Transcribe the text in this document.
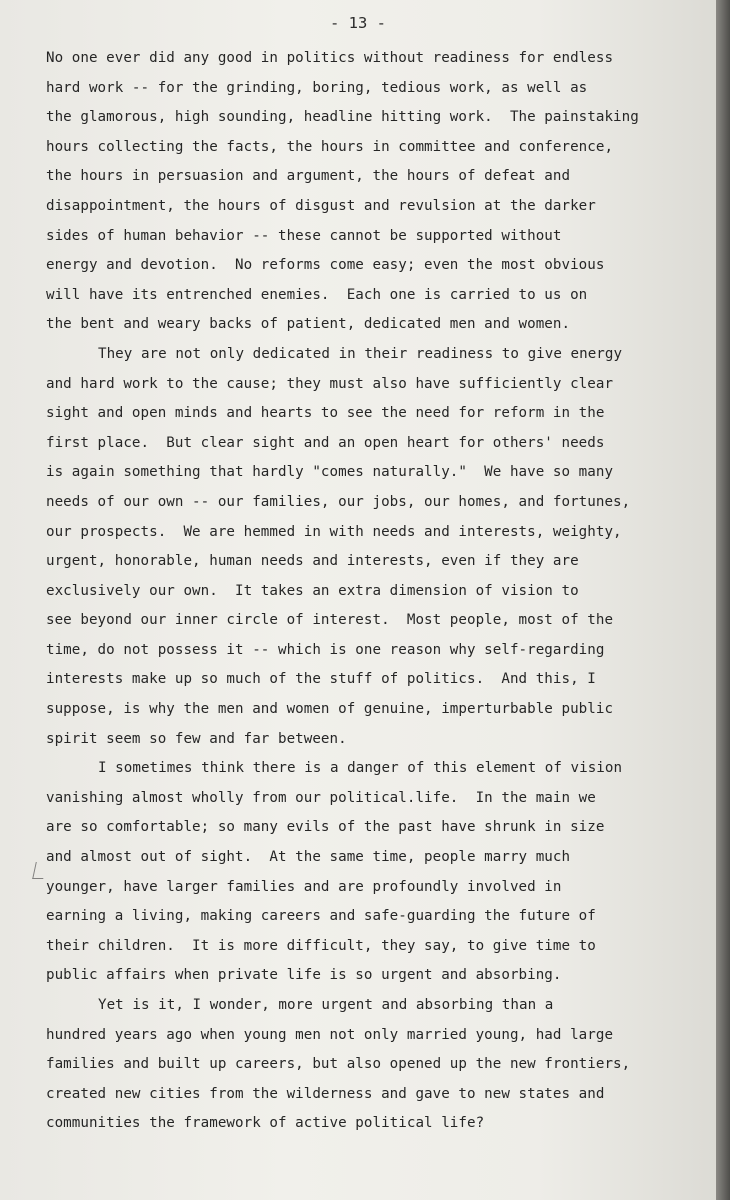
- 13 -
No one ever did any good in politics without readiness for endless
hard work -- for the grinding, boring, tedious work, as well as
the glamorous, high sounding, headline hitting work.  The painstaking
hours collecting the facts, the hours in committee and conference,
the hours in persuasion and argument, the hours of defeat and
disappointment, the hours of disgust and revulsion at the darker
sides of human behavior -- these cannot be supported without
energy and devotion.  No reforms come easy; even the most obvious
will have its entrenched enemies.  Each one is carried to us on
the bent and weary backs of patient, dedicated men and women.
They are not only dedicated in their readiness to give energy
and hard work to the cause; they must also have sufficiently clear
sight and open minds and hearts to see the need for reform in the
first place.  But clear sight and an open heart for others' needs
is again something that hardly "comes naturally."  We have so many
needs of our own -- our families, our jobs, our homes, and fortunes,
our prospects.  We are hemmed in with needs and interests, weighty,
urgent, honorable, human needs and interests, even if they are
exclusively our own.  It takes an extra dimension of vision to
see beyond our inner circle of interest.  Most people, most of the
time, do not possess it -- which is one reason why self-regarding
interests make up so much of the stuff of politics.  And this, I
suppose, is why the men and women of genuine, imperturbable public
spirit seem so few and far between.
I sometimes think there is a danger of this element of vision
vanishing almost wholly from our political.life.  In the main we
are so comfortable; so many evils of the past have shrunk in size
and almost out of sight.  At the same time, people marry much
younger, have larger families and are profoundly involved in
earning a living, making careers and safe-guarding the future of
their children.  It is more difficult, they say, to give time to
public affairs when private life is so urgent and absorbing.
Yet is it, I wonder, more urgent and absorbing than a
hundred years ago when young men not only married young, had large
families and built up careers, but also opened up the new frontiers,
created new cities from the wilderness and gave to new states and
communities the framework of active political life?
